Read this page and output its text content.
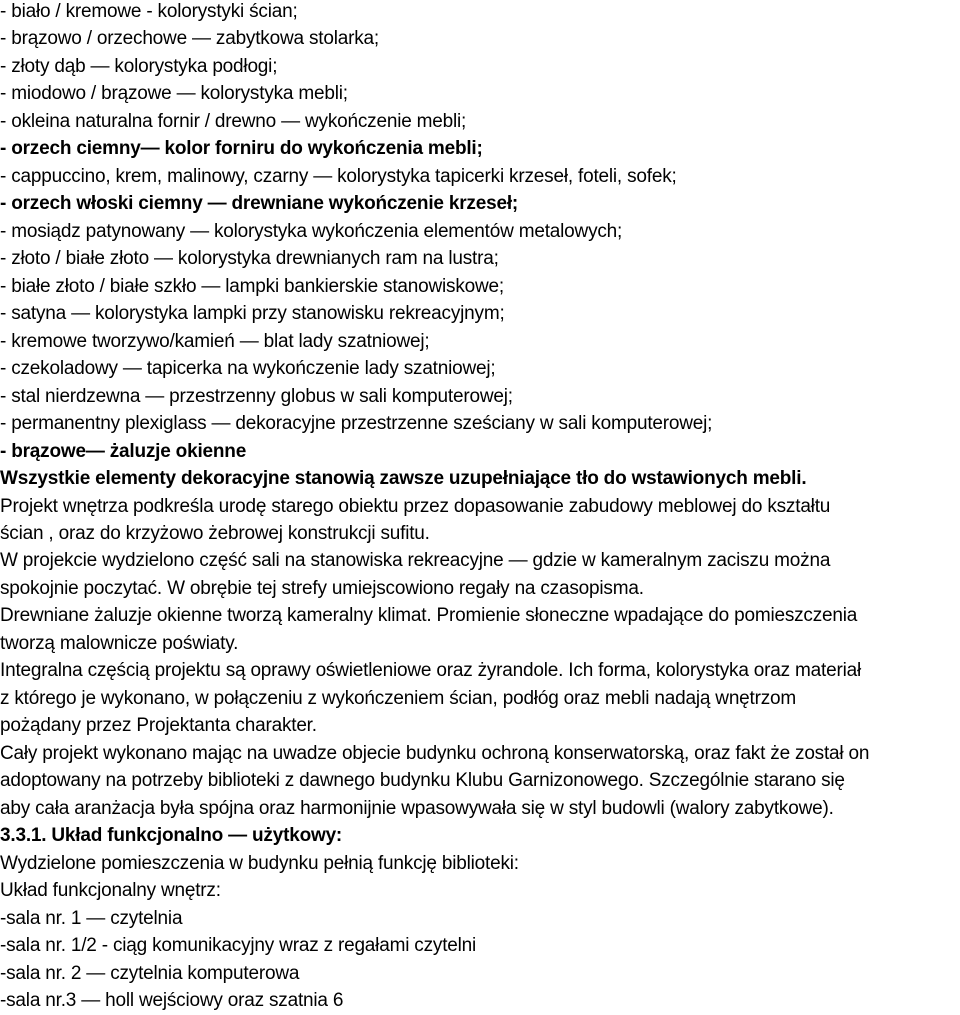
- biało / kremowe - kolorystyki ścian;
- brązowo / orzechowe — zabytkowa stolarka;
- złoty dąb — kolorystyka podłogi;
- miodowo / brązowe — kolorystyka mebli;
- okleina naturalna fornir / drewno — wykończenie mebli;
- orzech ciemny— kolor forniru do wykończenia mebli;
- cappuccino, krem, malinowy, czarny — kolorystyka tapicerki krzeseł, foteli, sofek;
- orzech włoski ciemny — drewniane wykończenie krzeseł;
- mosiądz patynowany — kolorystyka wykończenia elementów metalowych;
- złoto / białe złoto — kolorystyka drewnianych ram na lustra;
- białe złoto / białe szkło — lampki bankierskie stanowiskowe;
- satyna — kolorystyka lampki przy stanowisku rekreacyjnym;
- kremowe tworzywo/kamień — blat lady szatniowej;
- czekoladowy — tapicerka na wykończenie lady szatniowej;
- stal nierdzewna — przestrzenny globus w sali komputerowej;
- permanentny plexiglass — dekoracyjne przestrzenne sześciany w sali komputerowej;
- brązowe— żaluzje okienne
Wszystkie elementy dekoracyjne stanowią zawsze uzupełniające tło do wstawionych mebli.
Projekt wnętrza podkreśla urodę starego obiektu przez dopasowanie zabudowy meblowej do kształtu
ścian , oraz do krzyżowo żebrowej konstrukcji sufitu.
W projekcie wydzielono część sali na stanowiska rekreacyjne — gdzie w kameralnym zaciszu można
spokojnie poczytać. W obrębie tej strefy umiejscowiono regały na czasopisma.
Drewniane żaluzje okienne tworzą kameralny klimat. Promienie słoneczne wpadające do pomieszczenia
tworzą malownicze poświaty.
Integralna częścią projektu są oprawy oświetleniowe oraz żyrandole. Ich forma, kolorystyka oraz materiał
z którego je wykonano, w połączeniu z wykończeniem ścian, podłóg oraz mebli nadają wnętrzom
pożądany przez Projektanta charakter.
Cały projekt wykonano mając na uwadze objecie budynku ochroną konserwatorską, oraz fakt że został on
adoptowany na potrzeby biblioteki z dawnego budynku Klubu Garnizonowego. Szczególnie starano się
aby cała aranżacja była spójna oraz harmonijnie wpasowywała się w styl budowli (walory zabytkowe).
3.3.1. Układ funkcjonalno — użytkowy:
Wydzielone pomieszczenia w budynku pełnią funkcję biblioteki:
Układ funkcjonalny wnętrz:
-sala nr. 1 — czytelnia
-sala nr. 1/2 - ciąg komunikacyjny wraz z regałami czytelni
-sala nr. 2 — czytelnia komputerowa
-sala nr.3 — holl wejściowy oraz szatnia 6
